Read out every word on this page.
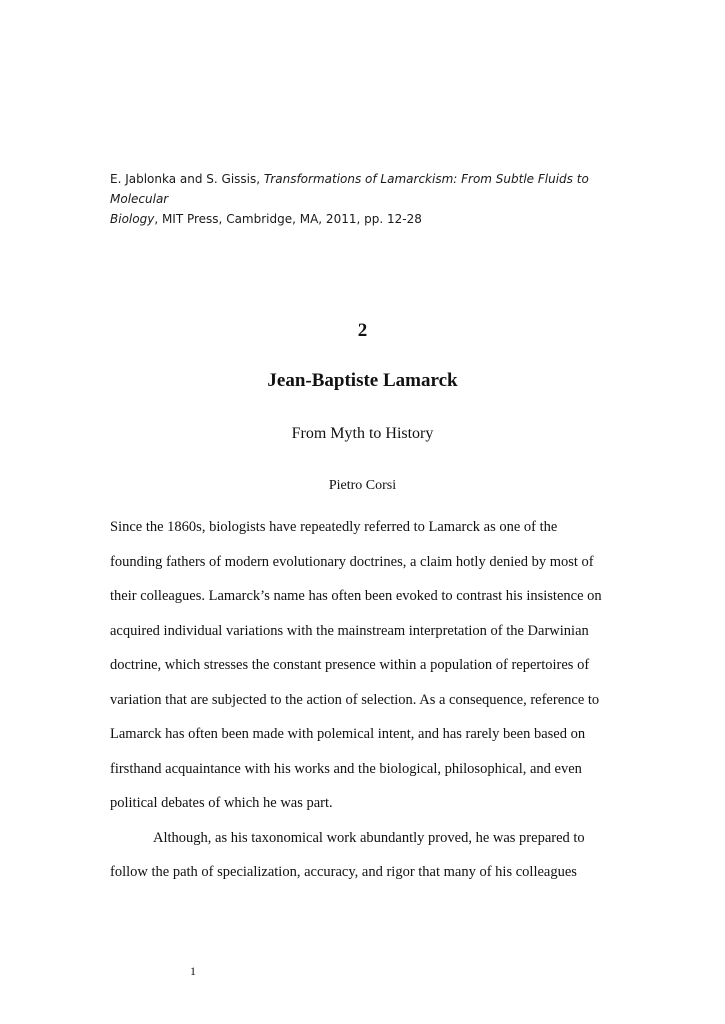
E. Jablonka and S. Gissis, Transformations of Lamarckism: From Subtle Fluids to Molecular
Biology, MIT Press, Cambridge, MA, 2011, pp. 12-28
2
Jean-Baptiste Lamarck
From Myth to History
Pietro Corsi
Since the 1860s, biologists have repeatedly referred to Lamarck as one of the
founding fathers of modern evolutionary doctrines, a claim hotly denied by most of
their colleagues. Lamarck’s name has often been evoked to contrast his insistence on
acquired individual variations with the mainstream interpretation of the Darwinian
doctrine, which stresses the constant presence within a population of repertoires of
variation that are subjected to the action of selection. As a consequence, reference to
Lamarck has often been made with polemical intent, and has rarely been based on
firsthand acquaintance with his works and the biological, philosophical, and even
political debates of which he was part.
Although, as his taxonomical work abundantly proved, he was prepared to
follow the path of specialization, accuracy, and rigor that many of his colleagues
1
